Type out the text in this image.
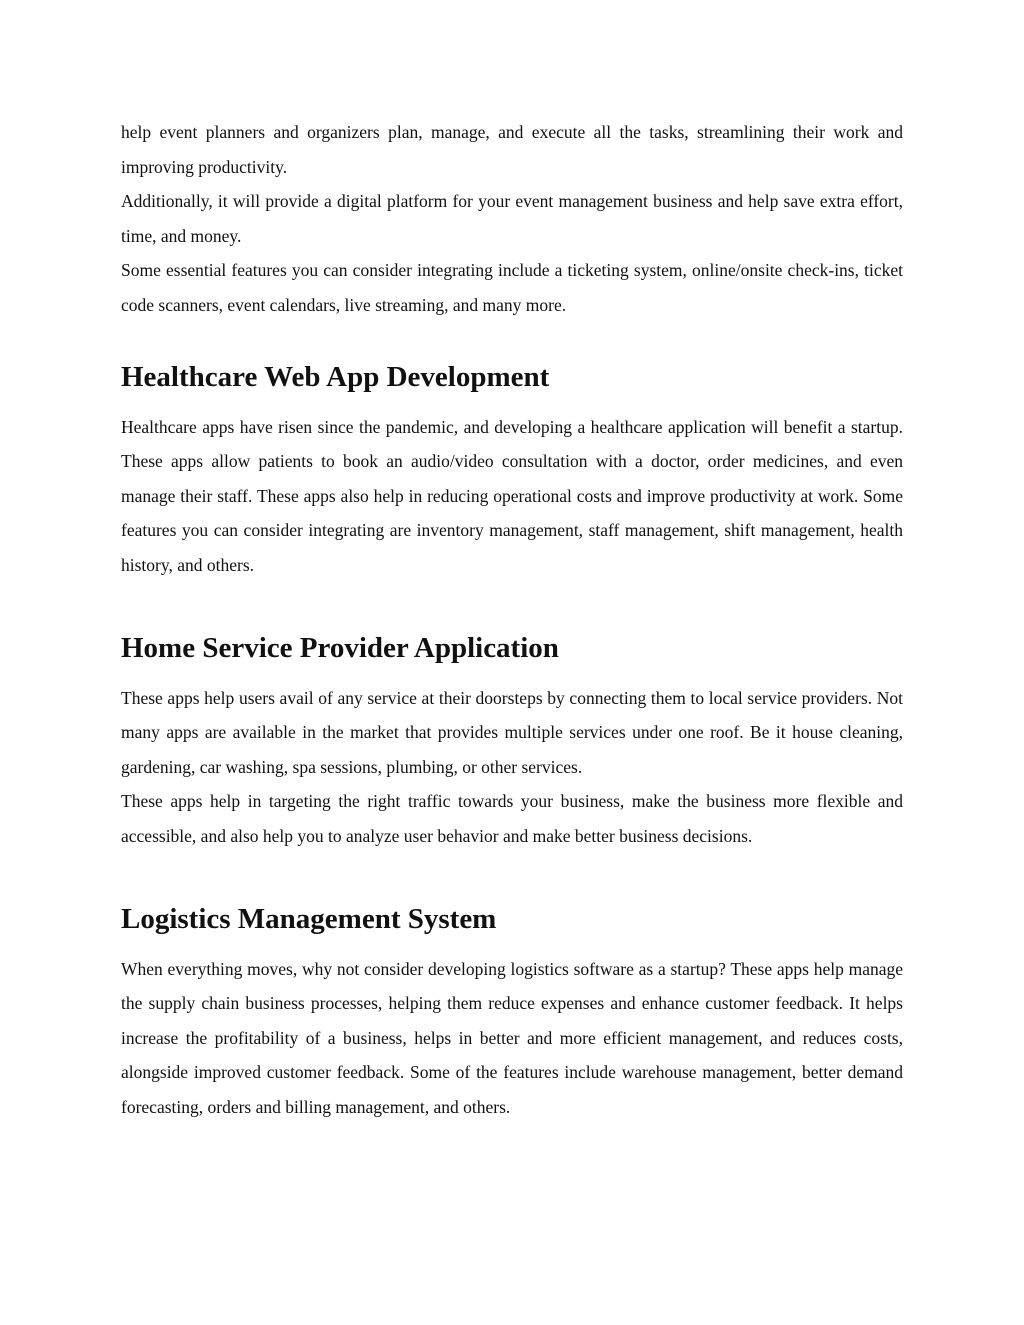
help event planners and organizers plan, manage, and execute all the tasks, streamlining their work and improving productivity.

Additionally, it will provide a digital platform for your event management business and help save extra effort, time, and money.

Some essential features you can consider integrating include a ticketing system, online/onsite check-ins, ticket code scanners, event calendars, live streaming, and many more.

Healthcare Web App Development

Healthcare apps have risen since the pandemic, and developing a healthcare application will benefit a startup. These apps allow patients to book an audio/video consultation with a doctor, order medicines, and even manage their staff. These apps also help in reducing operational costs and improve productivity at work. Some features you can consider integrating are inventory management, staff management, shift management, health history, and others.

Home Service Provider Application

These apps help users avail of any service at their doorsteps by connecting them to local service providers. Not many apps are available in the market that provides multiple services under one roof. Be it house cleaning, gardening, car washing, spa sessions, plumbing, or other services.

These apps help in targeting the right traffic towards your business, make the business more flexible and accessible, and also help you to analyze user behavior and make better business decisions.

Logistics Management System

When everything moves, why not consider developing logistics software as a startup? These apps help manage the supply chain business processes, helping them reduce expenses and enhance customer feedback. It helps increase the profitability of a business, helps in better and more efficient management, and reduces costs, alongside improved customer feedback. Some of the features include warehouse management, better demand forecasting, orders and billing management, and others.
